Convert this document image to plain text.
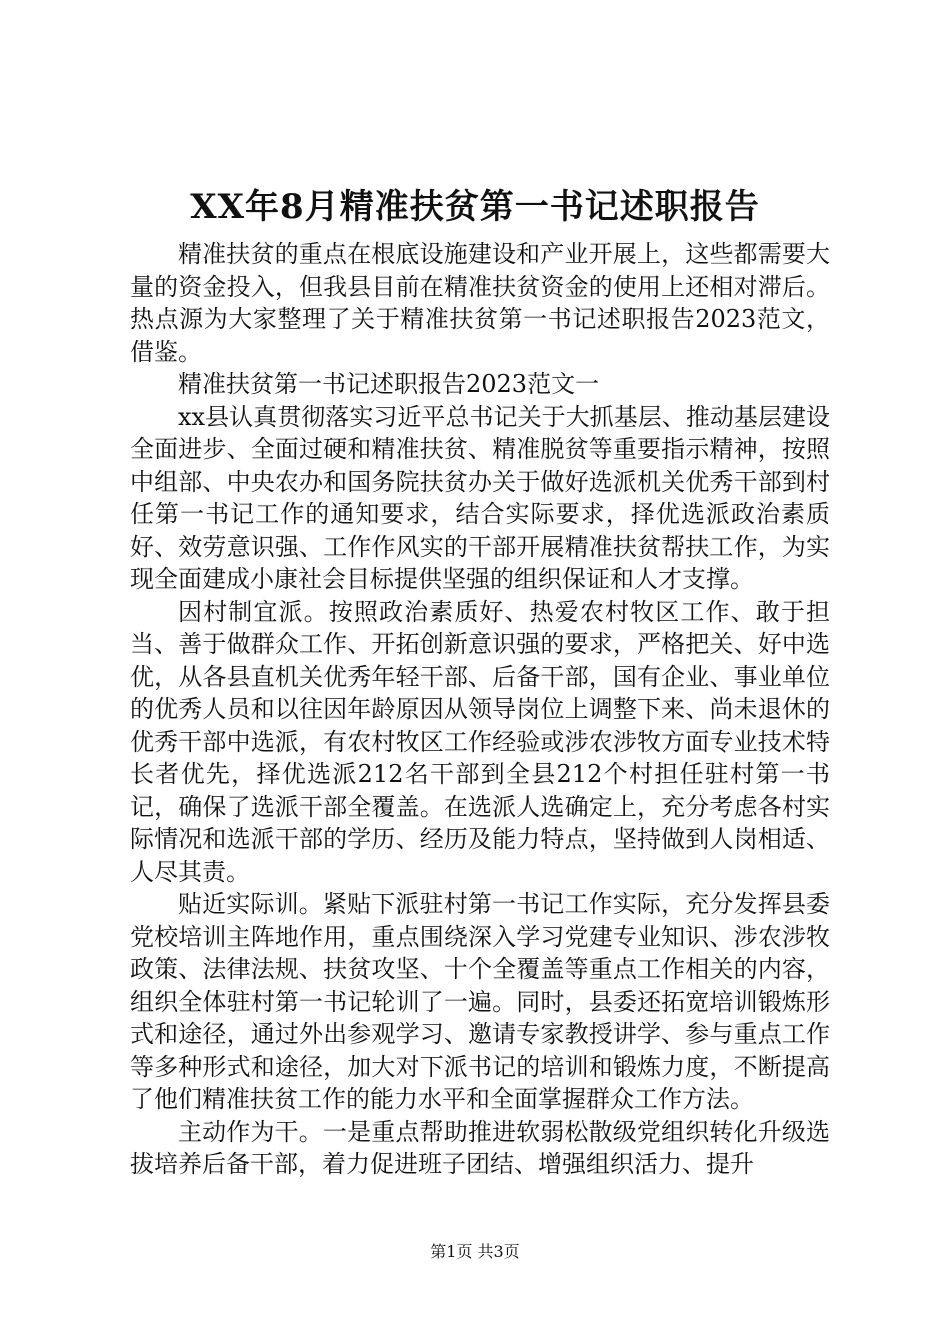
XX年8月精准扶贫第一书记述职报告

精准扶贫的重点在根底设施建设和产业开展上，这些都需要大量的资金投入，但我县目前在精准扶贫资金的使用上还相对滞后。热点源为大家整理了关于精准扶贫第一书记述职报告2023范文，借鉴。

精准扶贫第一书记述职报告2023范文一

xx县认真贯彻落实习近平总书记关于大抓基层、推动基层建设全面进步、全面过硬和精准扶贫、精准脱贫等重要指示精神，按照中组部、中央农办和国务院扶贫办关于做好选派机关优秀干部到村任第一书记工作的通知要求，结合实际要求，择优选派政治素质好、效劳意识强、工作作风实的干部开展精准扶贫帮扶工作，为实现全面建成小康社会目标提供坚强的组织保证和人才支撑。

因村制宜派。按照政治素质好、热爱农村牧区工作、敢于担当、善于做群众工作、开拓创新意识强的要求，严格把关、好中选优，从各县直机关优秀年轻干部、后备干部，国有企业、事业单位的优秀人员和以往因年龄原因从领导岗位上调整下来、尚未退休的优秀干部中选派，有农村牧区工作经验或涉农涉牧方面专业技术特长者优先，择优选派212名干部到全县212个村担任驻村第一书记，确保了选派干部全覆盖。在选派人选确定上，充分考虑各村实际情况和选派干部的学历、经历及能力特点，坚持做到人岗相适、人尽其责。

贴近实际训。紧贴下派驻村第一书记工作实际，充分发挥县委党校培训主阵地作用，重点围绕深入学习党建专业知识、涉农涉牧政策、法律法规、扶贫攻坚、十个全覆盖等重点工作相关的内容，组织全体驻村第一书记轮训了一遍。同时，县委还拓宽培训锻炼形式和途径，通过外出参观学习、邀请专家教授讲学、参与重点工作等多种形式和途径，加大对下派书记的培训和锻炼力度，不断提高了他们精准扶贫工作的能力水平和全面掌握群众工作方法。

主动作为干。一是重点帮助推进软弱松散级党组织转化升级选拔培养后备干部，着力促进班子团结、增强组织活力、提升

第1页 共3页
